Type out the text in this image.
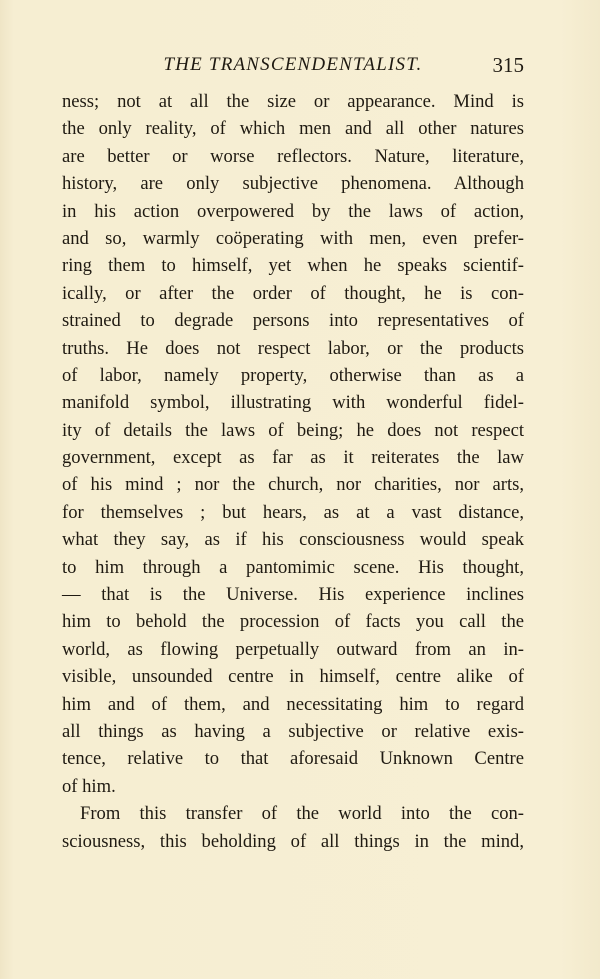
THE TRANSCENDENTALIST.	315
ness; not at all the size or appearance. Mind is
the only reality, of which men and all other natures
are better or worse reflectors. Nature, literature,
history, are only subjective phenomena. Although
in his action overpowered by the laws of action,
and so, warmly coöperating with men, even prefer-
ring them to himself, yet when he speaks scientif-
ically, or after the order of thought, he is con-
strained to degrade persons into representatives of
truths. He does not respect labor, or the products
of labor, namely property, otherwise than as a
manifold symbol, illustrating with wonderful fidel-
ity of details the laws of being; he does not respect
government, except as far as it reiterates the law
of his mind ; nor the church, nor charities, nor arts,
for themselves ; but hears, as at a vast distance,
what they say, as if his consciousness would speak
to him through a pantomimic scene. His thought,
— that is the Universe. His experience inclines
him to behold the procession of facts you call the
world, as flowing perpetually outward from an in-
visible, unsounded centre in himself, centre alike of
him and of them, and necessitating him to regard
all things as having a subjective or relative exis-
tence, relative to that aforesaid Unknown Centre
of him.
From this transfer of the world into the con-
sciousness, this beholding of all things in the mind,
